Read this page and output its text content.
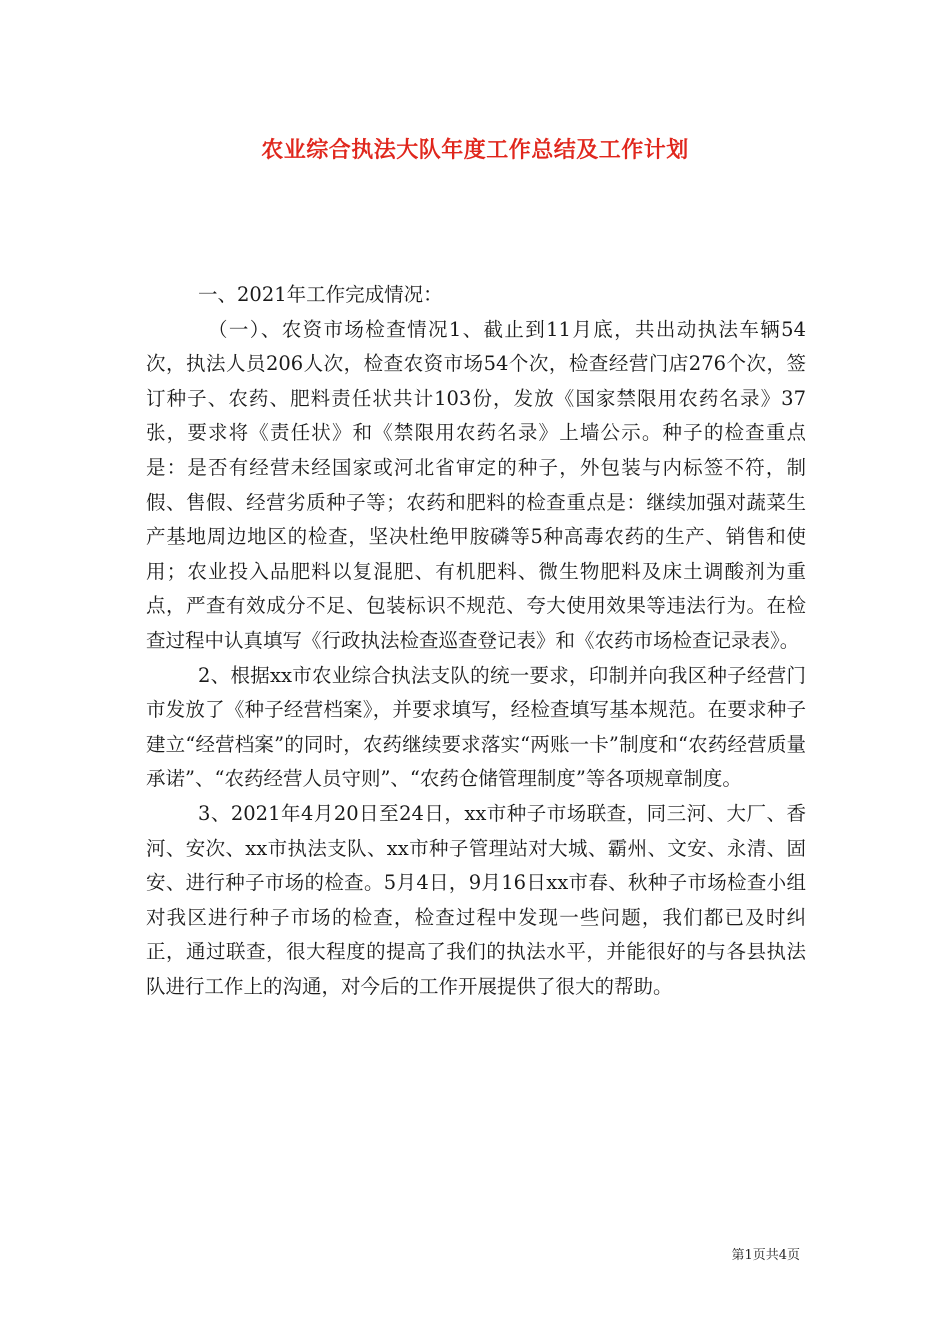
农业综合执法大队年度工作总结及工作计划

一、2021年工作完成情况：

（一）、农资市场检查情况1、截止到11月底，共出动执法车辆54次，执法人员206人次，检查农资市场54个次，检查经营门店276个次，签订种子、农药、肥料责任状共计103份，发放《国家禁限用农药名录》37张，要求将《责任状》和《禁限用农药名录》上墙公示。种子的检查重点是：是否有经营未经国家或河北省审定的种子，外包装与内标签不符，制假、售假、经营劣质种子等；农药和肥料的检查重点是：继续加强对蔬菜生产基地周边地区的检查，坚决杜绝甲胺磷等5种高毒农药的生产、销售和使用；农业投入品肥料以复混肥、有机肥料、微生物肥料及床土调酸剂为重点，严查有效成分不足、包装标识不规范、夸大使用效果等违法行为。在检查过程中认真填写《行政执法检查巡查登记表》和《农药市场检查记录表》。

2、根据xx市农业综合执法支队的统一要求，印制并向我区种子经营门市发放了《种子经营档案》，并要求填写，经检查填写基本规范。在要求种子建立“经营档案”的同时，农药继续要求落实“两账一卡”制度和“农药经营质量承诺”、“农药经营人员守则”、“农药仓储管理制度”等各项规章制度。

3、2021年4月20日至24日，xx市种子市场联查，同三河、大厂、香河、安次、xx市执法支队、xx市种子管理站对大城、霸州、文安、永清、固安、进行种子市场的检查。5月4日，9月16日xx市春、秋种子市场检查小组对我区进行种子市场的检查，检查过程中发现一些问题，我们都已及时纠正，通过联查，很大程度的提高了我们的执法水平，并能很好的与各县执法队进行工作上的沟通，对今后的工作开展提供了很大的帮助。

第1页共4页
